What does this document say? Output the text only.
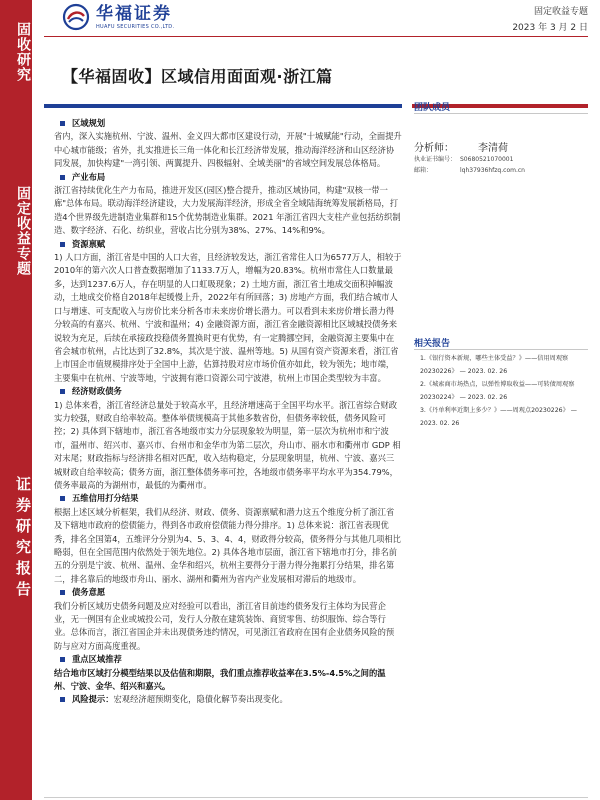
固收研究
固定收益专题
证券研究报告
华福证券
HUAFU SECURITIES CO.,LTD.
固定收益专题
2023 年 3 月 2 日
【华福固收】区域信用面面观·浙江篇
区域规划
省内，深入实施杭州、宁波、温州、金义四大都市区建设行动，开展"十城赋能"行动，全面提升中心城市能级；省外，扎实推进长三角一体化和长江经济带发展，推动海洋经济和山区经济协同发展，加快构建"一湾引领、两翼提升、四极辐射、全域美丽"的省域空间发展总体格局。
产业布局
浙江省持续优化生产力布局，推进开发区(园区)整合提升，推动区域协同，构建"双核一带一廊"总体布局。联动海洋经济建设，大力发展海洋经济，形成全省全域陆海统筹发展新格局，打造4个世界级先进制造业集群和15个优势制造业集群。2021 年浙江省四大支柱产业包括纺织制造、数字经济、石化、纺织业，营收占比分别为38%、27%、14%和9%。
资源禀赋
1) 人口方面，浙江省是中国的人口大省，且经济较发达，浙江省常住人口为6577万人，相较于2010年的第六次人口普查数据增加了1133.7万人，增幅为20.83%。杭州市常住人口数量最多，达到1237.6万人，存在明显的人口虹吸现象；2) 土地方面，浙江省土地成交面积掉幅波动，土地成交价格自2018年起缓慢上升，2022年有所回落；3) 房地产方面，我们结合城市人口与增速、可支配收入与房价比来分析各市未来房价增长潜力。可以看到未来房价增长潜力得分较高的有嘉兴、杭州、宁波和温州；4) 金融资源方面，浙江省金融资源相比区域城投债务来说较为充足，后续在承接政投稳债务置换时更有优势，有一定腾挪空间，金融资源主要集中在省会城市杭州，占比达到了32.8%，其次是宁波、温州等地。5) 从国有资产资源来看，浙江省上市国企市值规模排序处于全国中上游，估算持股对应市场价值亦如此，较为领先；地市端，主要集中在杭州、宁波等地，宁波拥有港口资源公司宁波港，杭州上市国企类型较为丰富。
经济财政债务
1) 总体来看，浙江省经济总量处于较高水平，且经济增速高于全国平均水平。浙江省综合财政实力较强，财政自给率较高。整体举债规模高于其他多数省份，但债务率较低，债务风险可控；2) 具体到下辖地市，浙江省各地级市实力分层现象较为明显，第一层次为杭州市和宁波市，温州市、绍兴市、嘉兴市、台州市和金华市为第二层次，舟山市、丽水市和衢州市 GDP 相对末尾；财政指标与经济排名相对匹配，收入结构稳定，分层现象明显，杭州、宁波、嘉兴三城财政自给率较高；债务方面，浙江整体债务率可控，各地级市债务率平均水平为354.79%，债务率最高的为湖州市，最低的为衢州市。
五维信用打分结果
根据上述区域分析框架，我们从经济、财政、债务、资源禀赋和潜力这五个维度分析了浙江省及下辖地市政府的偿债能力，得到各市政府偿债能力得分排序。1) 总体来说：浙江省表现优秀，排名全国第4，五维评分分别为4、5、3、4、4，财政得分较高，债务得分与其他几项相比略弱，但在全国范围内依然处于领先地位。2) 具体各地市层面，浙江省下辖地市打分，排名前五的分别是宁波、杭州、温州、金华和绍兴，杭州主要得分于潜力得分拖累打分结果，排名第二，排名靠后的地级市舟山、丽水、湖州和衢州为省内产业发展相对滞后的地级市。
债务意愿
我们分析区域历史债务问题及应对经验可以看出，浙江省目前违约债务发行主体均为民营企业，无一例国有企业或城投公司，发行人分散在建筑装饰、商贸零售、纺织服饰、综合等行业。总体而言，浙江省国企并未出现债务违约情况，可见浙江省政府在国有企业债务风险的预防与应对方面高度重视。
重点区域推荐
结合地市区域打分模型结果以及估值和期限，我们重点推荐收益率在3.5%-4.5%之间的温州、宁波、金华、绍兴和嘉兴。
风险提示：宏观经济超预期变化，隐債化解节奏出现变化。
团队成员
分析师： 李清荷
执业证书编号： S0680521070001
邮箱：	lqh37936hfzq.com.cn
相关报告
1.《银行资本新规，哪些主体受益？》——信用周观察 20230226》 — 2023. 02. 26
2.《城索商市场热点，以弹性博取收益——可转债周观察 20230224》 — 2023. 02. 26
3.《丹单利率近期上多少？》——周观点20230226》 — 2023. 02. 26
